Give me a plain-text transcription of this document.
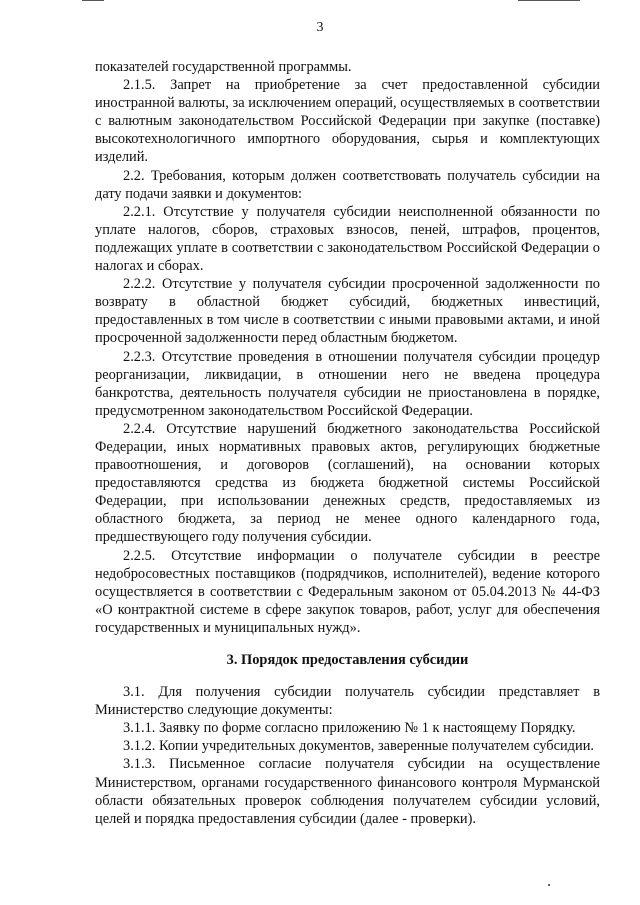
3

показателей государственной программы.

2.1.5. Запрет на приобретение за счет предоставленной субсидии иностранной валюты, за исключением операций, осуществляемых в соответствии с валютным законодательством Российской Федерации при закупке (поставке) высокотехнологичного импортного оборудования, сырья и комплектующих изделий.

2.2. Требования, которым должен соответствовать получатель субсидии на дату подачи заявки и документов:

2.2.1. Отсутствие у получателя субсидии неисполненной обязанности по уплате налогов, сборов, страховых взносов, пеней, штрафов, процентов, подлежащих уплате в соответствии с законодательством Российской Федерации о налогах и сборах.

2.2.2. Отсутствие у получателя субсидии просроченной задолженности по возврату в областной бюджет субсидий, бюджетных инвестиций, предоставленных в том числе в соответствии с иными правовыми актами, и иной просроченной задолженности перед областным бюджетом.

2.2.3. Отсутствие проведения в отношении получателя субсидии процедур реорганизации, ликвидации, в отношении него не введена процедура банкротства, деятельность получателя субсидии не приостановлена в порядке, предусмотренном законодательством Российской Федерации.

2.2.4. Отсутствие нарушений бюджетного законодательства Российской Федерации, иных нормативных правовых актов, регулирующих бюджетные правоотношения, и договоров (соглашений), на основании которых предоставляются средства из бюджета бюджетной системы Российской Федерации, при использовании денежных средств, предоставляемых из областного бюджета, за период не менее одного календарного года, предшествующего году получения субсидии.

2.2.5. Отсутствие информации о получателе субсидии в реестре недобросовестных поставщиков (подрядчиков, исполнителей), ведение которого осуществляется в соответствии с Федеральным законом от 05.04.2013 № 44-ФЗ «О контрактной системе в сфере закупок товаров, работ, услуг для обеспечения государственных и муниципальных нужд».

3. Порядок предоставления субсидии

3.1. Для получения субсидии получатель субсидии представляет в Министерство следующие документы:

3.1.1. Заявку по форме согласно приложению № 1 к настоящему Порядку.

3.1.2. Копии учредительных документов, заверенные получателем субсидии.

3.1.3. Письменное согласие получателя субсидии на осуществление Министерством, органами государственного финансового контроля Мурманской области обязательных проверок соблюдения получателем субсидии условий, целей и порядка предоставления субсидии (далее - проверки).
